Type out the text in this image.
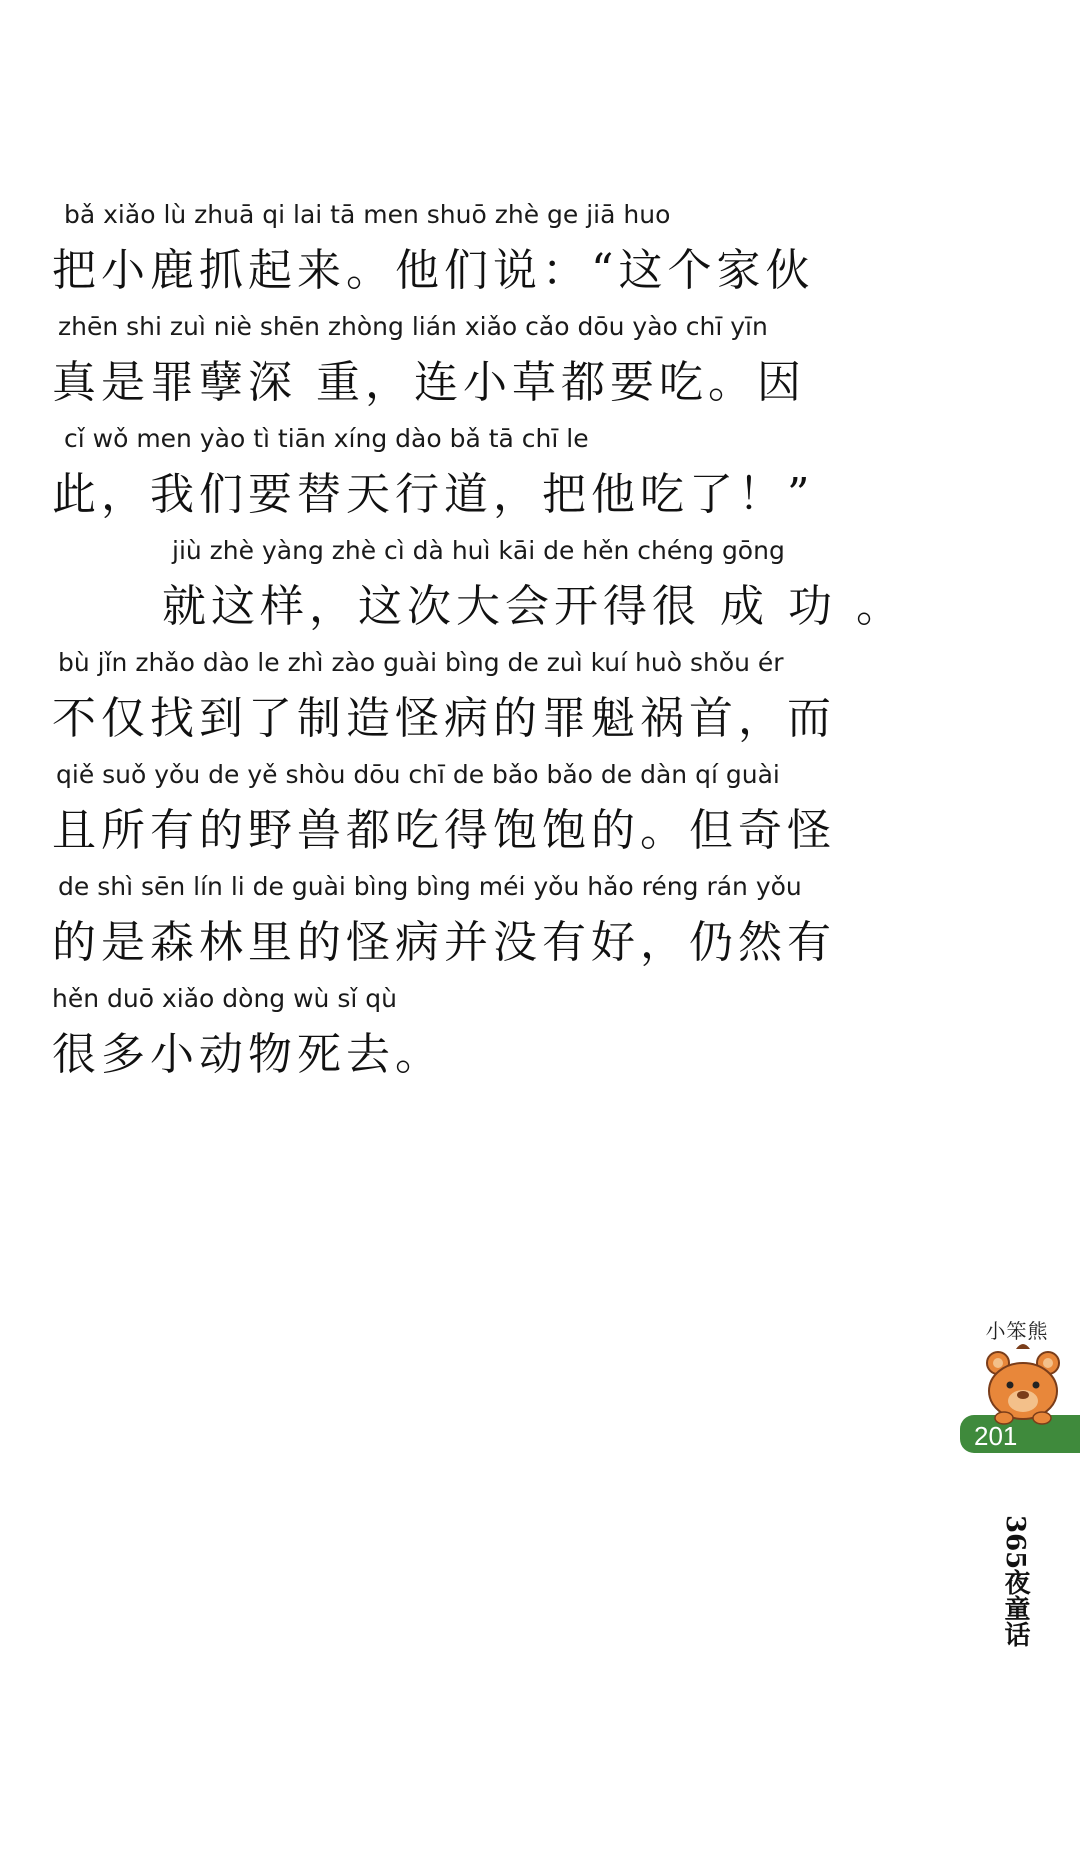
bǎ xiǎo lù zhuā qi lai tā men shuō zhè ge jiā huo
把小鹿抓起来。他们说：“这个家伙
zhēn shi zuì niè shēn zhòng lián xiǎo cǎo dōu yào chī yīn
真是罪孽深 重，连小草都要吃。因
cǐ wǒ men yào tì tiān xíng dào bǎ tā chī le
此，我们要替天行道，把他吃了！”
jiù zhè yàng zhè cì dà huì kāi de hěn chéng gōng
就这样，这次大会开得很 成 功 。
bù jǐn zhǎo dào le zhì zào guài bìng de zuì kuí huò shǒu ér
不仅找到了制造怪病的罪魁祸首，而
qiě suǒ yǒu de yě shòu dōu chī de bǎo bǎo de dàn qí guài
且所有的野兽都吃得饱饱的。但奇怪
de shì sēn lín li de guài bìng bìng méi yǒu hǎo réng rán yǒu
的是森林里的怪病并没有好，仍然有
hěn duō xiǎo dòng wù sǐ qù
很多小动物死去。
小笨熊
201
365夜童话
